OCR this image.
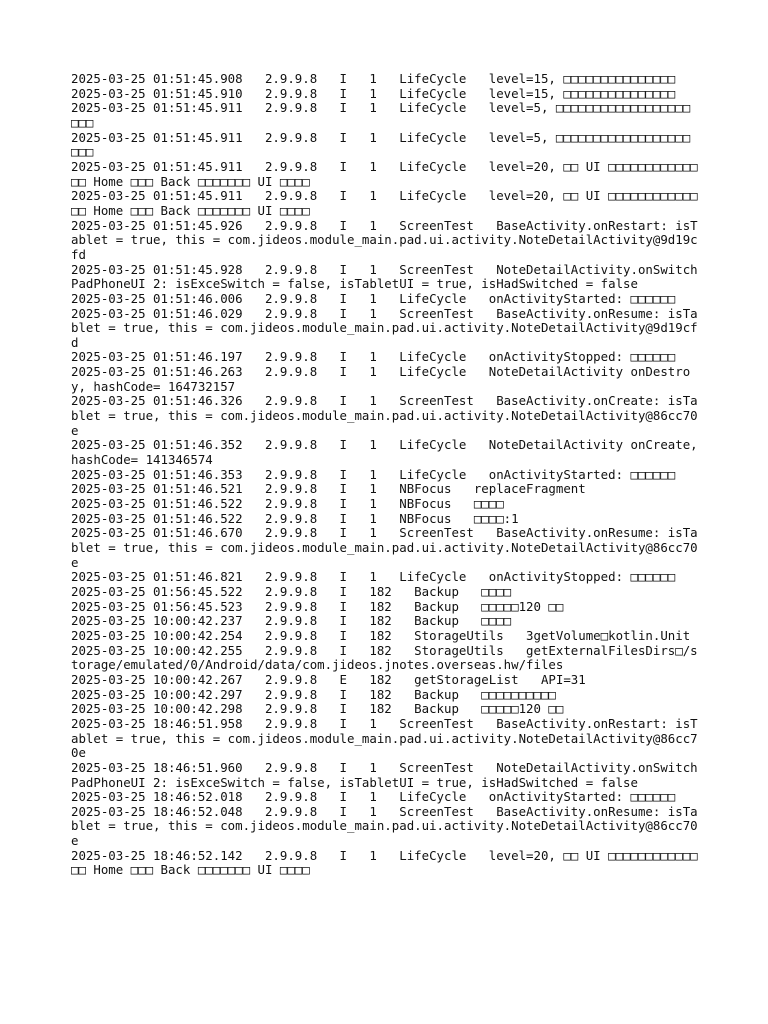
2025-03-25 01:51:45.908   2.9.9.8   I   1   LifeCycle   level=15, □□□□□□□□□□□□□□□
2025-03-25 01:51:45.910   2.9.9.8   I   1   LifeCycle   level=15, □□□□□□□□□□□□□□□
2025-03-25 01:51:45.911   2.9.9.8   I   1   LifeCycle   level=5, □□□□□□□□□□□□□□□□□□ □□□
2025-03-25 01:51:45.911   2.9.9.8   I   1   LifeCycle   level=5, □□□□□□□□□□□□□□□□□□ □□□
2025-03-25 01:51:45.911   2.9.9.8   I   1   LifeCycle   level=20, □□ UI □□□□□□□□□□□□ □□ Home □□□ Back □□□□□□□ UI □□□□
2025-03-25 01:51:45.911   2.9.9.8   I   1   LifeCycle   level=20, □□ UI □□□□□□□□□□□□ □□ Home □□□ Back □□□□□□□ UI □□□□
2025-03-25 01:51:45.926   2.9.9.8   I   1   ScreenTest   BaseActivity.onRestart: isTablet = true, this = com.jideos.module_main.pad.ui.activity.NoteDetailActivity@9d19cfd
2025-03-25 01:51:45.928   2.9.9.8   I   1   ScreenTest   NoteDetailActivity.onSwitchPadPhoneUI 2: isExceSwitch = false, isTabletUI = true, isHadSwitched = false
2025-03-25 01:51:46.006   2.9.9.8   I   1   LifeCycle   onActivityStarted: □□□□□□
2025-03-25 01:51:46.029   2.9.9.8   I   1   ScreenTest   BaseActivity.onResume: isTablet = true, this = com.jideos.module_main.pad.ui.activity.NoteDetailActivity@9d19cfd
2025-03-25 01:51:46.197   2.9.9.8   I   1   LifeCycle   onActivityStopped: □□□□□□
2025-03-25 01:51:46.263   2.9.9.8   I   1   LifeCycle   NoteDetailActivity onDestroy, hashCode= 164732157
2025-03-25 01:51:46.326   2.9.9.8   I   1   ScreenTest   BaseActivity.onCreate: isTablet = true, this = com.jideos.module_main.pad.ui.activity.NoteDetailActivity@86cc70e
2025-03-25 01:51:46.352   2.9.9.8   I   1   LifeCycle   NoteDetailActivity onCreate, hashCode= 141346574
2025-03-25 01:51:46.353   2.9.9.8   I   1   LifeCycle   onActivityStarted: □□□□□□
2025-03-25 01:51:46.521   2.9.9.8   I   1   NBFocus   replaceFragment
2025-03-25 01:51:46.522   2.9.9.8   I   1   NBFocus   □□□□
2025-03-25 01:51:46.522   2.9.9.8   I   1   NBFocus   □□□□:1
2025-03-25 01:51:46.670   2.9.9.8   I   1   ScreenTest   BaseActivity.onResume: isTablet = true, this = com.jideos.module_main.pad.ui.activity.NoteDetailActivity@86cc70e
2025-03-25 01:51:46.821   2.9.9.8   I   1   LifeCycle   onActivityStopped: □□□□□□
2025-03-25 01:56:45.522   2.9.9.8   I   182   Backup   □□□□
2025-03-25 01:56:45.523   2.9.9.8   I   182   Backup   □□□□□120 □□
2025-03-25 10:00:42.237   2.9.9.8   I   182   Backup   □□□□
2025-03-25 10:00:42.254   2.9.9.8   I   182   StorageUtils   3getVolume□kotlin.Unit
2025-03-25 10:00:42.255   2.9.9.8   I   182   StorageUtils   getExternalFilesDirs□/storage/emulated/0/Android/data/com.jideos.jnotes.overseas.hw/files
2025-03-25 10:00:42.267   2.9.9.8   E   182   getStorageList   API=31
2025-03-25 10:00:42.297   2.9.9.8   I   182   Backup   □□□□□□□□□□
2025-03-25 10:00:42.298   2.9.9.8   I   182   Backup   □□□□□120 □□
2025-03-25 18:46:51.958   2.9.9.8   I   1   ScreenTest   BaseActivity.onRestart: isTablet = true, this = com.jideos.module_main.pad.ui.activity.NoteDetailActivity@86cc70e
2025-03-25 18:46:51.960   2.9.9.8   I   1   ScreenTest   NoteDetailActivity.onSwitchPadPhoneUI 2: isExceSwitch = false, isTabletUI = true, isHadSwitched = false
2025-03-25 18:46:52.018   2.9.9.8   I   1   LifeCycle   onActivityStarted: □□□□□□
2025-03-25 18:46:52.048   2.9.9.8   I   1   ScreenTest   BaseActivity.onResume: isTablet = true, this = com.jideos.module_main.pad.ui.activity.NoteDetailActivity@86cc70e
2025-03-25 18:46:52.142   2.9.9.8   I   1   LifeCycle   level=20, □□ UI □□□□□□□□□□□□ □□ Home □□□ Back □□□□□□□ UI □□□□
